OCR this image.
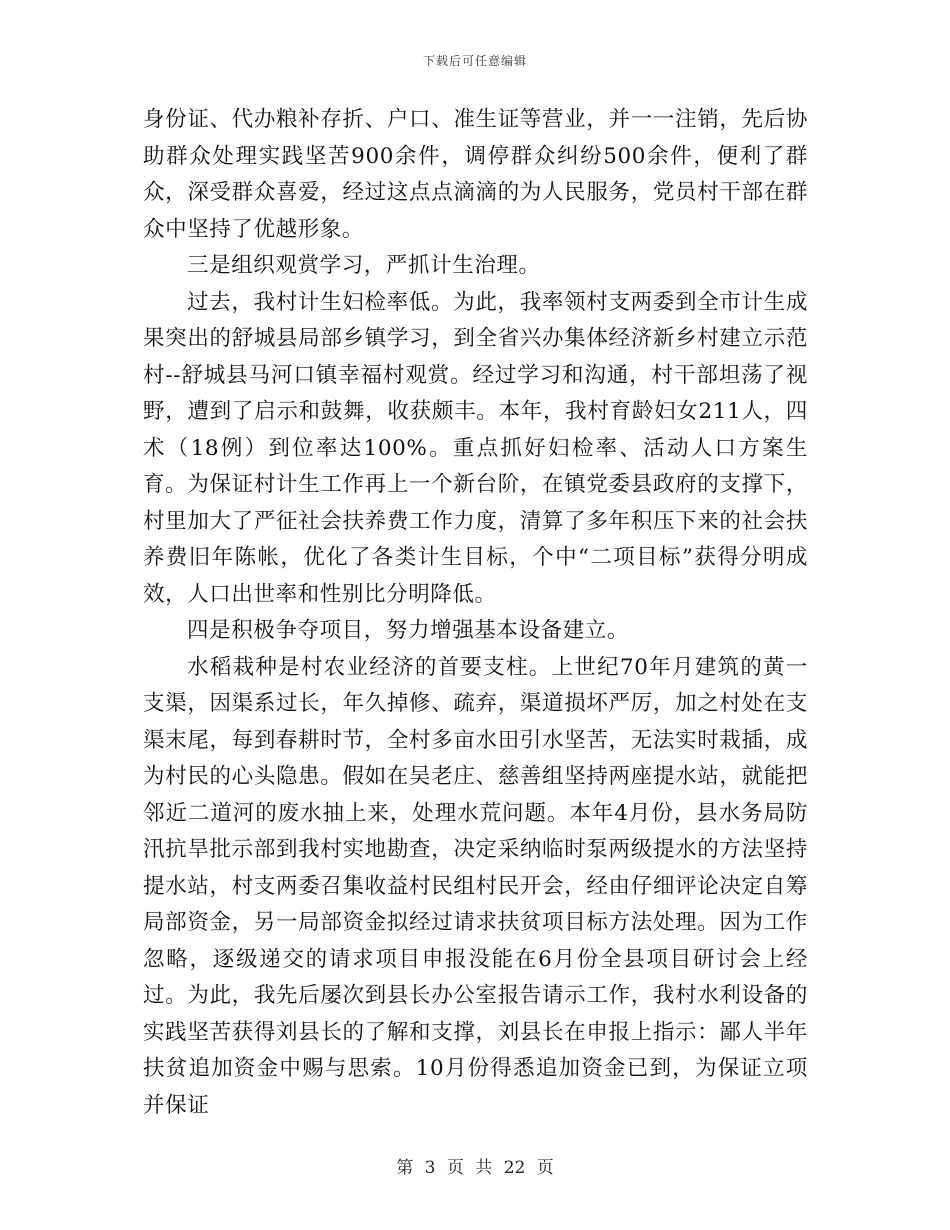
下载后可任意编辑

身份证、代办粮补存折、户口、准生证等营业，并一一注销，先后协助群众处理实践坚苦900余件，调停群众纠纷500余件，便利了群众，深受群众喜爱，经过这点点滴滴的为人民服务，党员村干部在群众中坚持了优越形象。

三是组织观赏学习，严抓计生治理。

过去，我村计生妇检率低。为此，我率领村支两委到全市计生成果突出的舒城县局部乡镇学习，到全省兴办集体经济新乡村建立示范村--舒城县马河口镇幸福村观赏。经过学习和沟通，村干部坦荡了视野，遭到了启示和鼓舞，收获颇丰。本年，我村育龄妇女211人，四术（18例）到位率达100%。重点抓好妇检率、活动人口方案生育。为保证村计生工作再上一个新台阶，在镇党委县政府的支撑下，村里加大了严征社会扶养费工作力度，清算了多年积压下来的社会扶养费旧年陈帐，优化了各类计生目标，个中“二项目标”获得分明成效，人口出世率和性别比分明降低。

四是积极争夺项目，努力增强基本设备建立。

水稻栽种是村农业经济的首要支柱。上世纪70年月建筑的黄一支渠，因渠系过长，年久掉修、疏弃，渠道损坏严厉，加之村处在支渠末尾，每到春耕时节，全村多亩水田引水坚苦，无法实时栽插，成为村民的心头隐患。假如在吴老庄、慈善组坚持两座提水站，就能把邻近二道河的废水抽上来，处理水荒问题。本年4月份，县水务局防汛抗旱批示部到我村实地勘查，决定采纳临时泵两级提水的方法坚持提水站，村支两委召集收益村民组村民开会，经由仔细评论决定自筹局部资金，另一局部资金拟经过请求扶贫项目标方法处理。因为工作忽略，逐级递交的请求项目申报没能在6月份全县项目研讨会上经过。为此，我先后屡次到县长办公室报告请示工作，我村水利设备的实践坚苦获得刘县长的了解和支撑，刘县长在申报上指示：鄙人半年扶贫追加资金中赐与思索。10月份得悉追加资金已到，为保证立项并保证

第 3 页 共 22 页
